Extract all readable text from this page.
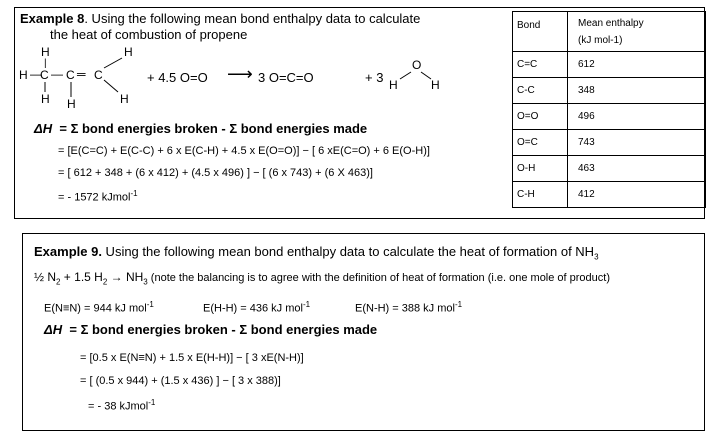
Example 8. Using the following mean bond enthalpy data to calculate
the heat of combustion of propene
H	H
|
H —
C — C ═ C
H H	H
+ 4.5 O=O ⟶ 3 O=C=O	+ 3
O
H	H
ΔH = Σ bond energies broken - Σ bond energies made
= [E(C=C) + E(C-C) + 6 x E(C-H) + 4.5 x E(O=O)] − [ 6 xE(C=O) + 6 E(O-H)]
= [ 612 + 348 + (6 x 412) + (4.5 x 496) ] − [ (6 x 743) + (6 X 463)]
= - 1572 kJmol$^{-1}$
Bond	Mean enthalpy
(kJ mol-1)

C=C	612
C-C	348
O=O	496
O=C	743
O-H	463
C-H	412
Example 9. Using the following mean bond enthalpy data to calculate the heat of formation of $NH_3$
½ $N_2 + 1.5$ $H_2 \to NH_3$ (note the balancing is to agree with the definition of heat of formation (i.e. one mole of product)
E(N≡N) = 944 kJ mol$^{-1}$	E(H-H) = 436 kJ mol$^{-1}$	E(N-H) = 388 kJ mol$^{-1}$
ΔH = Σ bond energies broken - Σ bond energies made
= [0.5 x E(N≡N) + 1.5 x E(H-H)] − [ 3 xE(N-H)]
= [ (0.5 x 944) + (1.5 x 436) ] − [ 3 x 388)]
= - 38 kJmol$^{-1}$
